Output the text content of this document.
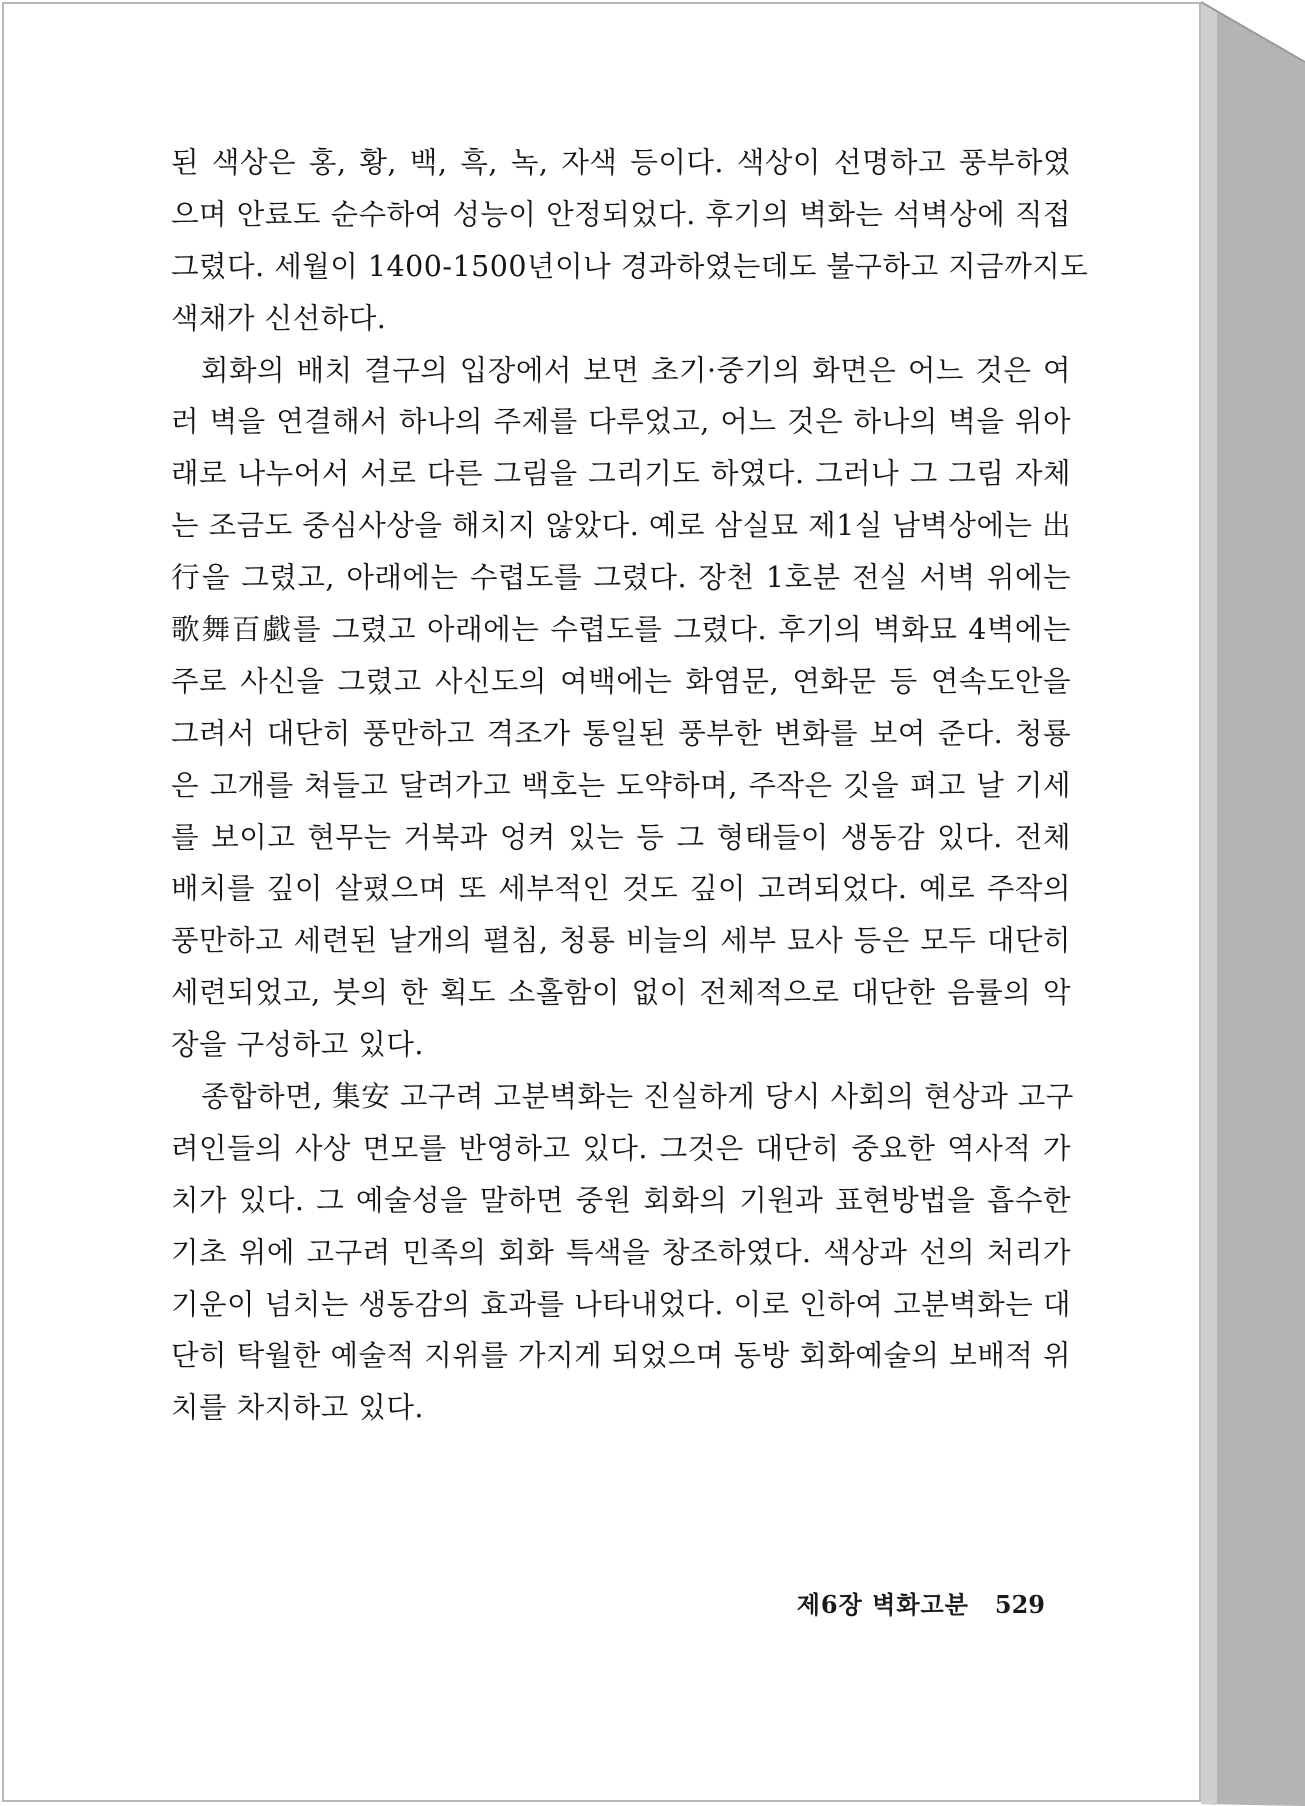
된 색상은 홍, 황, 백, 흑, 녹, 자색 등이다. 색상이 선명하고 풍부하였
으며 안료도 순수하여 성능이 안정되었다. 후기의 벽화는 석벽상에 직접
그렸다. 세월이 1400-1500년이나 경과하였는데도 불구하고 지금까지도
색채가 신선하다.
회화의 배치 결구의 입장에서 보면 초기·중기의 화면은 어느 것은 여
러 벽을 연결해서 하나의 주제를 다루었고, 어느 것은 하나의 벽을 위아
래로 나누어서 서로 다른 그림을 그리기도 하였다. 그러나 그 그림 자체
는 조금도 중심사상을 해치지 않았다. 예로 삼실묘 제1실 남벽상에는 出
行을 그렸고, 아래에는 수렵도를 그렸다. 장천 1호분 전실 서벽 위에는
歌舞百戱를 그렸고 아래에는 수렵도를 그렸다. 후기의 벽화묘 4벽에는
주로 사신을 그렸고 사신도의 여백에는 화염문, 연화문 등 연속도안을
그려서 대단히 풍만하고 격조가 통일된 풍부한 변화를 보여 준다. 청룡
은 고개를 쳐들고 달려가고 백호는 도약하며, 주작은 깃을 펴고 날 기세
를 보이고 현무는 거북과 엉켜 있는 등 그 형태들이 생동감 있다. 전체
배치를 깊이 살폈으며 또 세부적인 것도 깊이 고려되었다. 예로 주작의
풍만하고 세련된 날개의 펼침, 청룡 비늘의 세부 묘사 등은 모두 대단히
세련되었고, 붓의 한 획도 소홀함이 없이 전체적으로 대단한 음률의 악
장을 구성하고 있다.
종합하면, 集安 고구려 고분벽화는 진실하게 당시 사회의 현상과 고구
려인들의 사상 면모를 반영하고 있다. 그것은 대단히 중요한 역사적 가
치가 있다. 그 예술성을 말하면 중원 회화의 기원과 표현방법을 흡수한
기초 위에 고구려 민족의 회화 특색을 창조하였다. 색상과 선의 처리가
기운이 넘치는 생동감의 효과를 나타내었다. 이로 인하여 고분벽화는 대
단히 탁월한 예술적 지위를 가지게 되었으며 동방 회화예술의 보배적 위
치를 차지하고 있다.
제6장 벽화고분 529
